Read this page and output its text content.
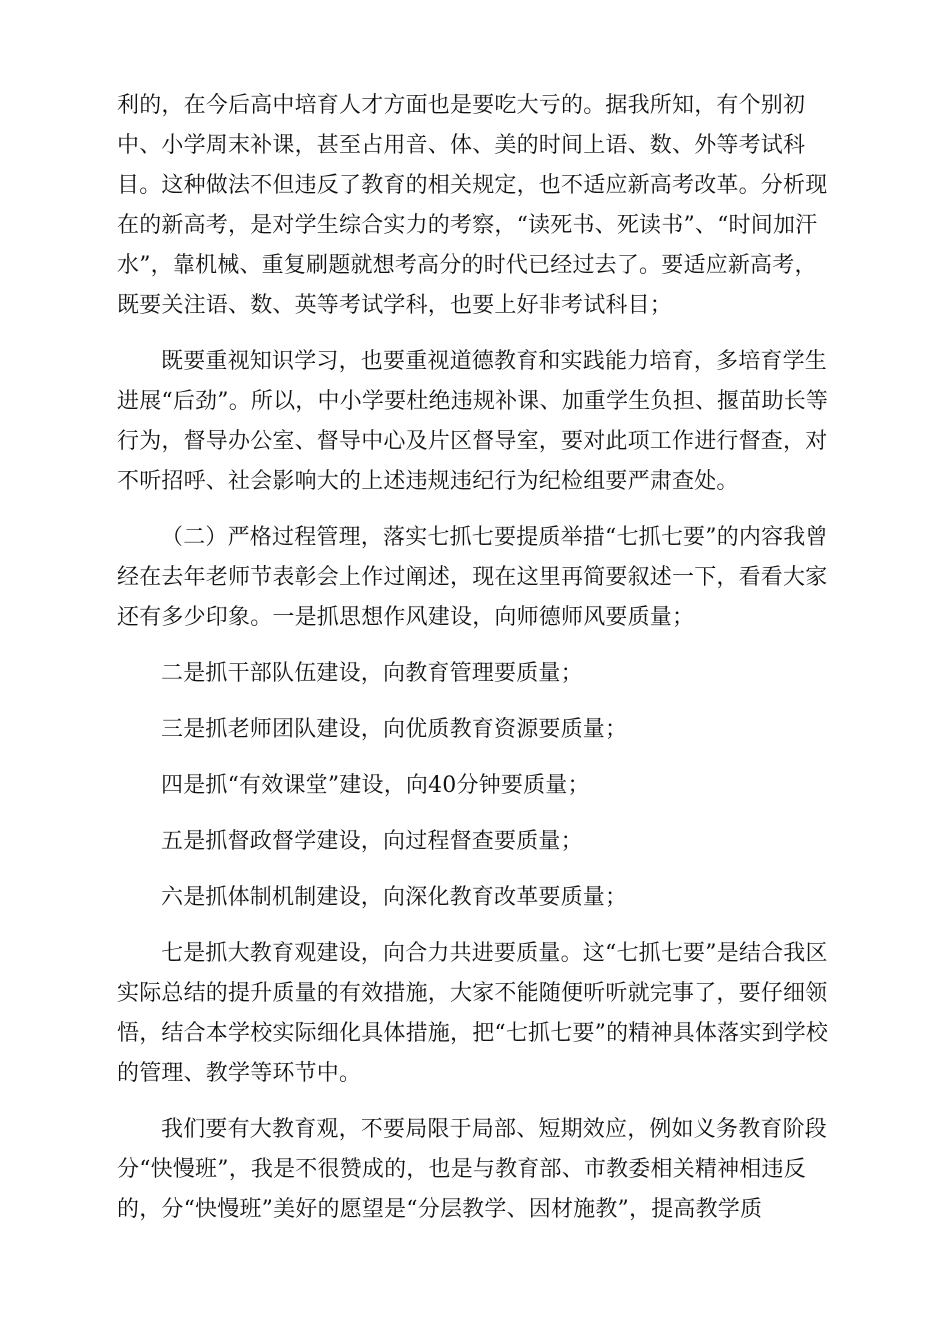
利的，在今后高中培育人才方面也是要吃大亏的。据我所知，有个别初中、小学周末补课，甚至占用音、体、美的时间上语、数、外等考试科目。这种做法不但违反了教育的相关规定，也不适应新高考改革。分析现在的新高考，是对学生综合实力的考察，“读死书、死读书”、“时间加汗水”，靠机械、重复刷题就想考高分的时代已经过去了。要适应新高考，既要关注语、数、英等考试学科，也要上好非考试科目；

既要重视知识学习，也要重视道德教育和实践能力培育，多培育学生进展“后劲”。所以，中小学要杜绝违规补课、加重学生负担、揠苗助长等行为，督导办公室、督导中心及片区督导室，要对此项工作进行督查，对不听招呼、社会影响大的上述违规违纪行为纪检组要严肃查处。

（二）严格过程管理，落实七抓七要提质举措“七抓七要”的内容我曾经在去年老师节表彰会上作过阐述，现在这里再简要叙述一下，看看大家还有多少印象。一是抓思想作风建设，向师德师风要质量；

二是抓干部队伍建设，向教育管理要质量；

三是抓老师团队建设，向优质教育资源要质量；

四是抓“有效课堂”建设，向40分钟要质量；

五是抓督政督学建设，向过程督查要质量；

六是抓体制机制建设，向深化教育改革要质量；

七是抓大教育观建设，向合力共进要质量。这“七抓七要”是结合我区实际总结的提升质量的有效措施，大家不能随便听听就完事了，要仔细领悟，结合本学校实际细化具体措施，把“七抓七要”的精神具体落实到学校的管理、教学等环节中。

我们要有大教育观，不要局限于局部、短期效应，例如义务教育阶段分“快慢班”，我是不很赞成的，也是与教育部、市教委相关精神相违反的，分“快慢班”美好的愿望是“分层教学、因材施教”，提高教学质
